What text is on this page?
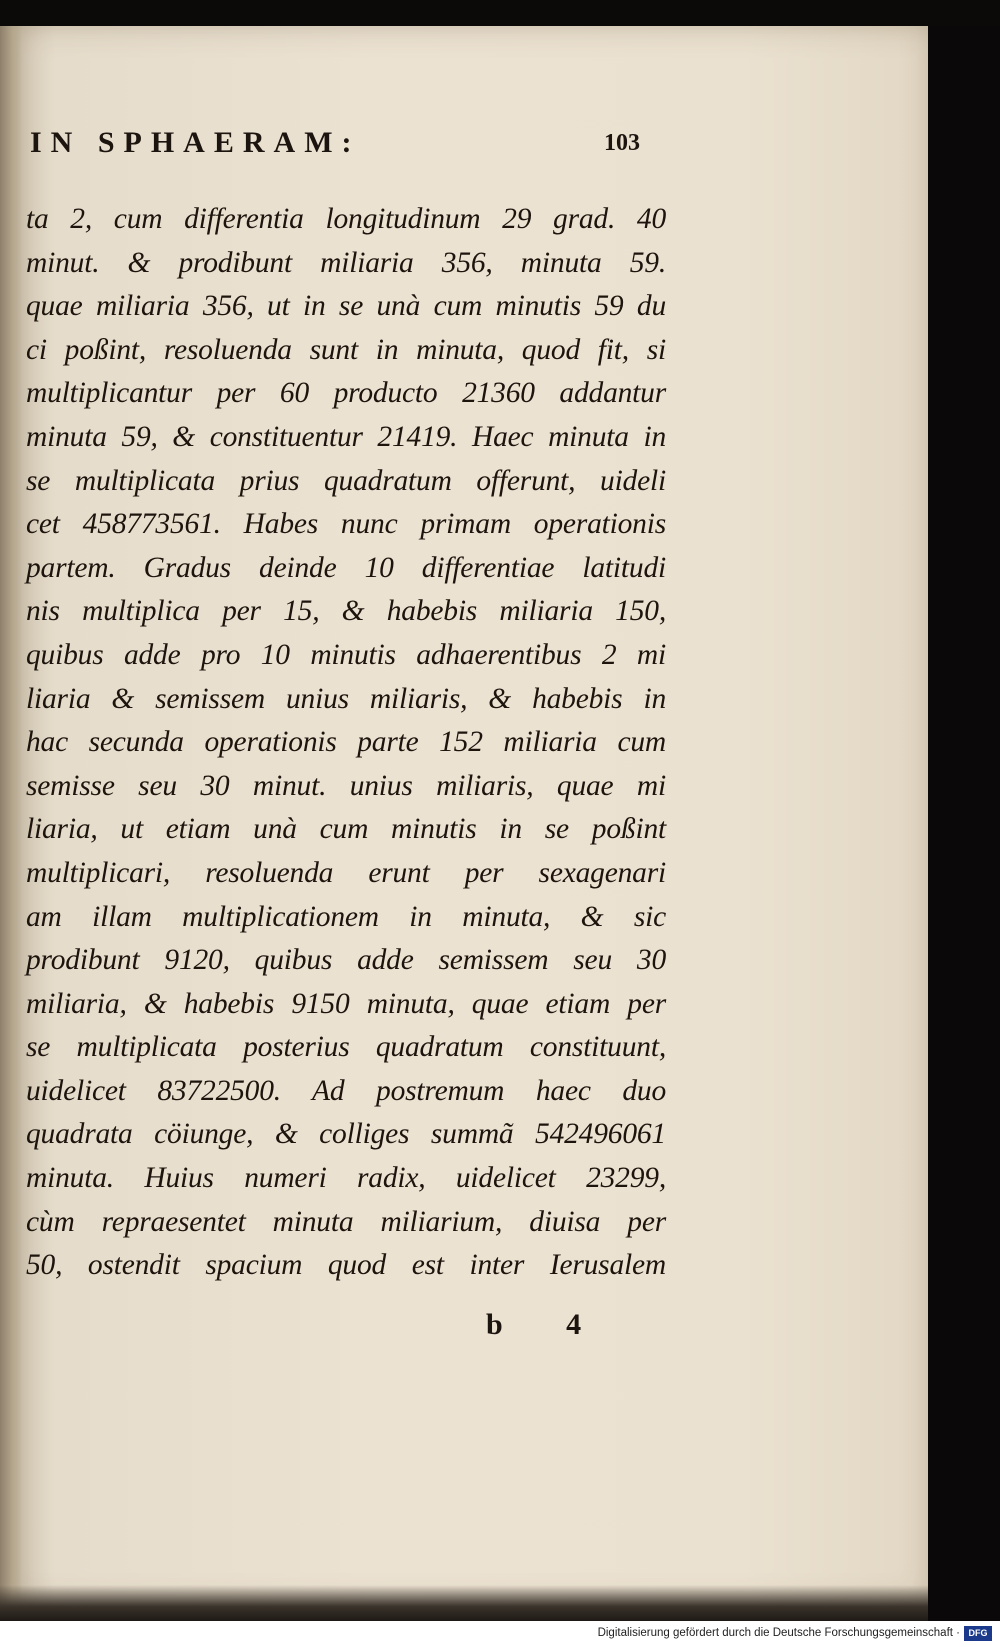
IN SPHAERAM:	103
ta 2, cum differentia longitudinum 29 grad. 40
minut. & prodibunt miliaria 356, minuta 59.
quae miliaria 356, ut in se unà cum minutis 59 du
ci poßint, resoluenda sunt in minuta, quod fit, si
multiplicantur per 60 producto 21360 addantur
minuta 59, & constituentur 21419. Haec minuta in
se multiplicata prius quadratum offerunt, uideli
cet 458773561. Habes nunc primam operationis
partem. Gradus deinde 10 differentiae latitudi
nis multiplica per 15, & habebis miliaria 150,
quibus adde pro 10 minutis adhaerentibus 2 mi
liaria & semissem unius miliaris, & habebis in
hac secunda operationis parte 152 miliaria cum
semisse seu 30 minut. unius miliaris, quae mi
liaria, ut etiam unà cum minutis in se poßint
multiplicari, resoluenda erunt per sexagenari
am illam multiplicationem in minuta, & sic
prodibunt 9120, quibus adde semissem seu 30
miliaria, & habebis 9150 minuta, quae etiam per
se multiplicata posterius quadratum constituunt,
uidelicet 83722500. Ad postremum haec duo
quadrata cöiunge, & colliges summã 542496061
minuta. Huius numeri radix, uidelicet 23299,
cùm repraesentet minuta miliarium, diuisa per
50, ostendit spacium quod est inter Ierusalem
b 4
Digitalisierung gefördert durch die Deutsche Forschungsgemeinschaft · DFG
